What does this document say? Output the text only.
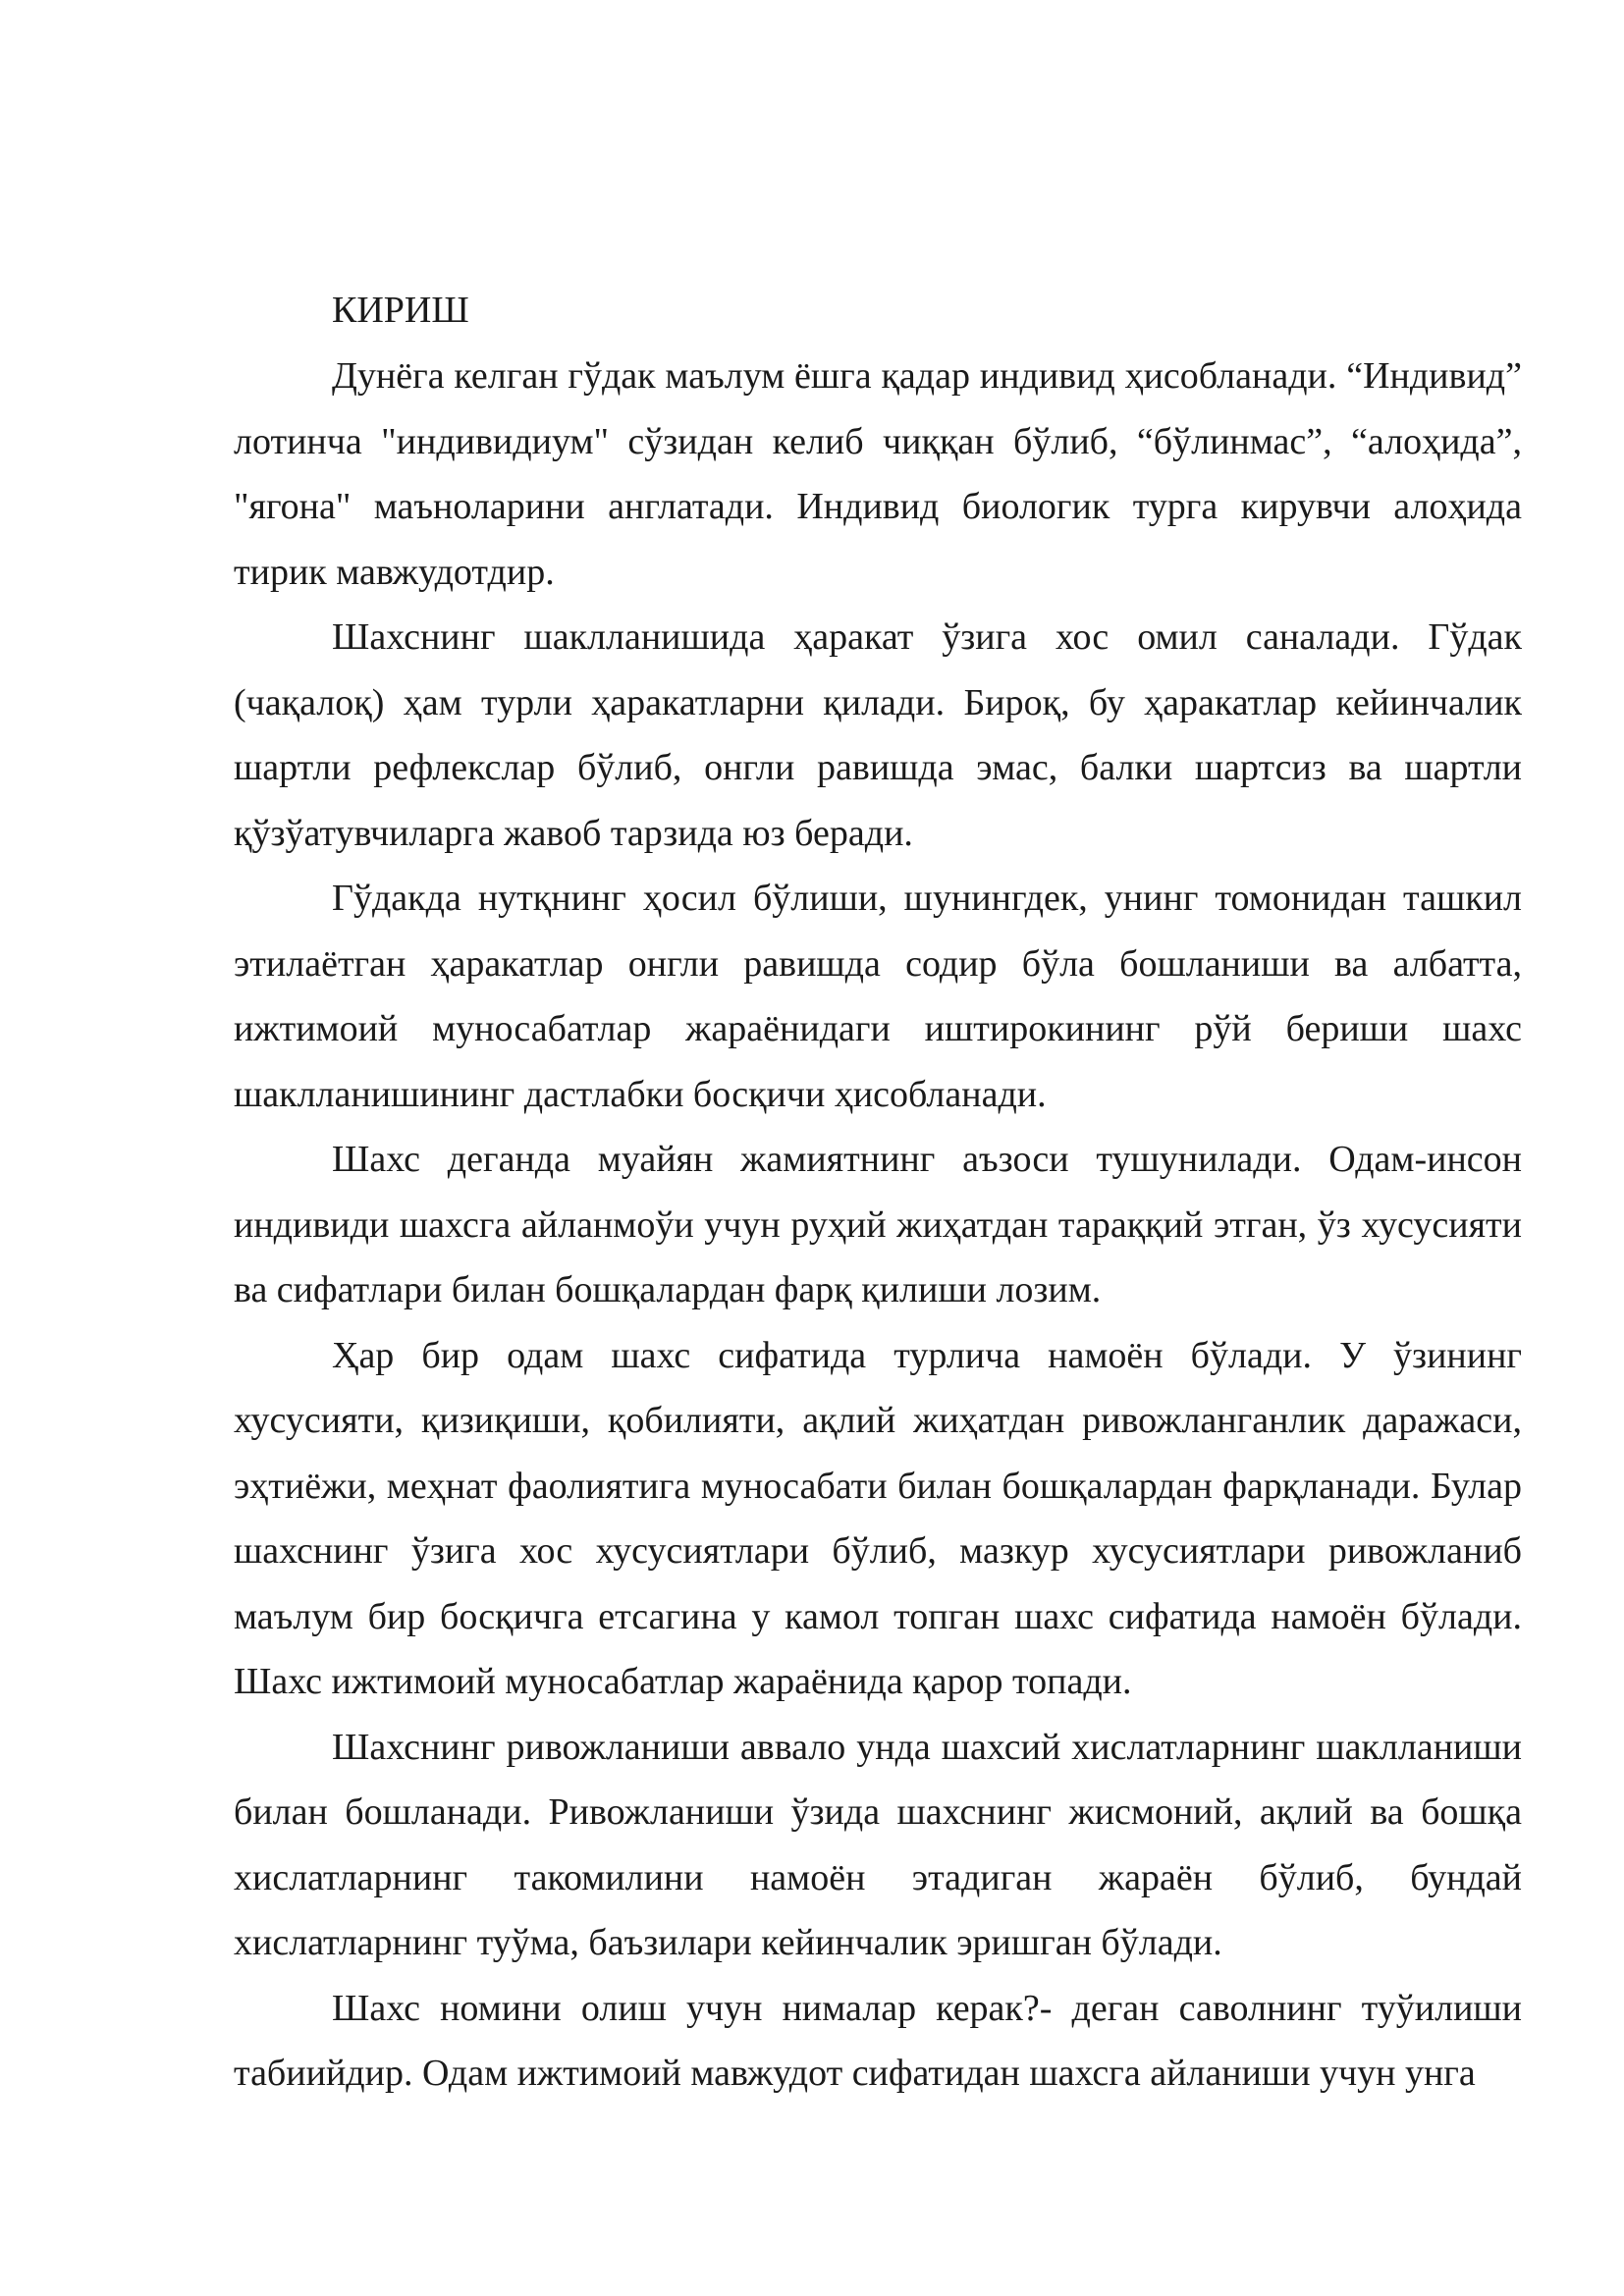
КИРИШ

Дунёга келган гўдак маълум ёшга қадар индивид ҳисобланади. “Индивид” лотинча "индивидиум" сўзидан келиб чиққан бўлиб, “бўлинмас”, “алоҳида”, "ягона" маъноларини англатади. Индивид биологик турга кирувчи алоҳида тирик мавжудотдир.

Шахснинг шаклланишида ҳаракат ўзига хос омил саналади. Гўдак (чақалоқ) ҳам турли ҳаракатларни қилади. Бироқ, бу ҳаракатлар кейинчалик шартли рефлекслар бўлиб, онгли равишда эмас, балки шартсиз ва шартли қўзўатувчиларга жавоб тарзида юз беради.

Гўдакда нутқнинг ҳосил бўлиши, шунингдек, унинг томонидан ташкил этилаётган ҳаракатлар онгли равишда содир бўла бошланиши ва албатта, ижтимоий муносабатлар жараёнидаги иштирокининг рўй бериши шахс шаклланишининг дастлабки босқичи ҳисобланади.

Шахс деганда муайян жамиятнинг аъзоси тушунилади. Одам-инсон индивиди шахсга айланмоўи учун руҳий жиҳатдан тараққий этган, ўз хусусияти ва сифатлари билан бошқалардан фарқ қилиши лозим.

Ҳар бир одам шахс сифатида турлича намоён бўлади. У ўзининг хусусияти, қизиқиши, қобилияти, ақлий жиҳатдан ривожланганлик даражаси, эҳтиёжи, меҳнат фаолиятига муносабати билан бошқалардан фарқланади. Булар шахснинг ўзига хос хусусиятлари бўлиб, мазкур хусусиятлари ривожланиб маълум бир босқичга етсагина у камол топган шахс сифатида намоён бўлади. Шахс ижтимоий муносабатлар жараёнида қарор топади.

Шахснинг ривожланиши аввало унда шахсий хислатларнинг шаклланиши билан бошланади. Ривожланиши ўзида шахснинг жисмоний, ақлий ва бошқа хислатларнинг такомилини намоён этадиган жараён бўлиб, бундай хислатларнинг туўма, баъзилари кейинчалик эришган бўлади.

Шахс номини олиш учун нималар керак?- деган саволнинг туўилиши табиийдир. Одам ижтимоий мавжудот сифатидан шахсга айланиши учун унга
